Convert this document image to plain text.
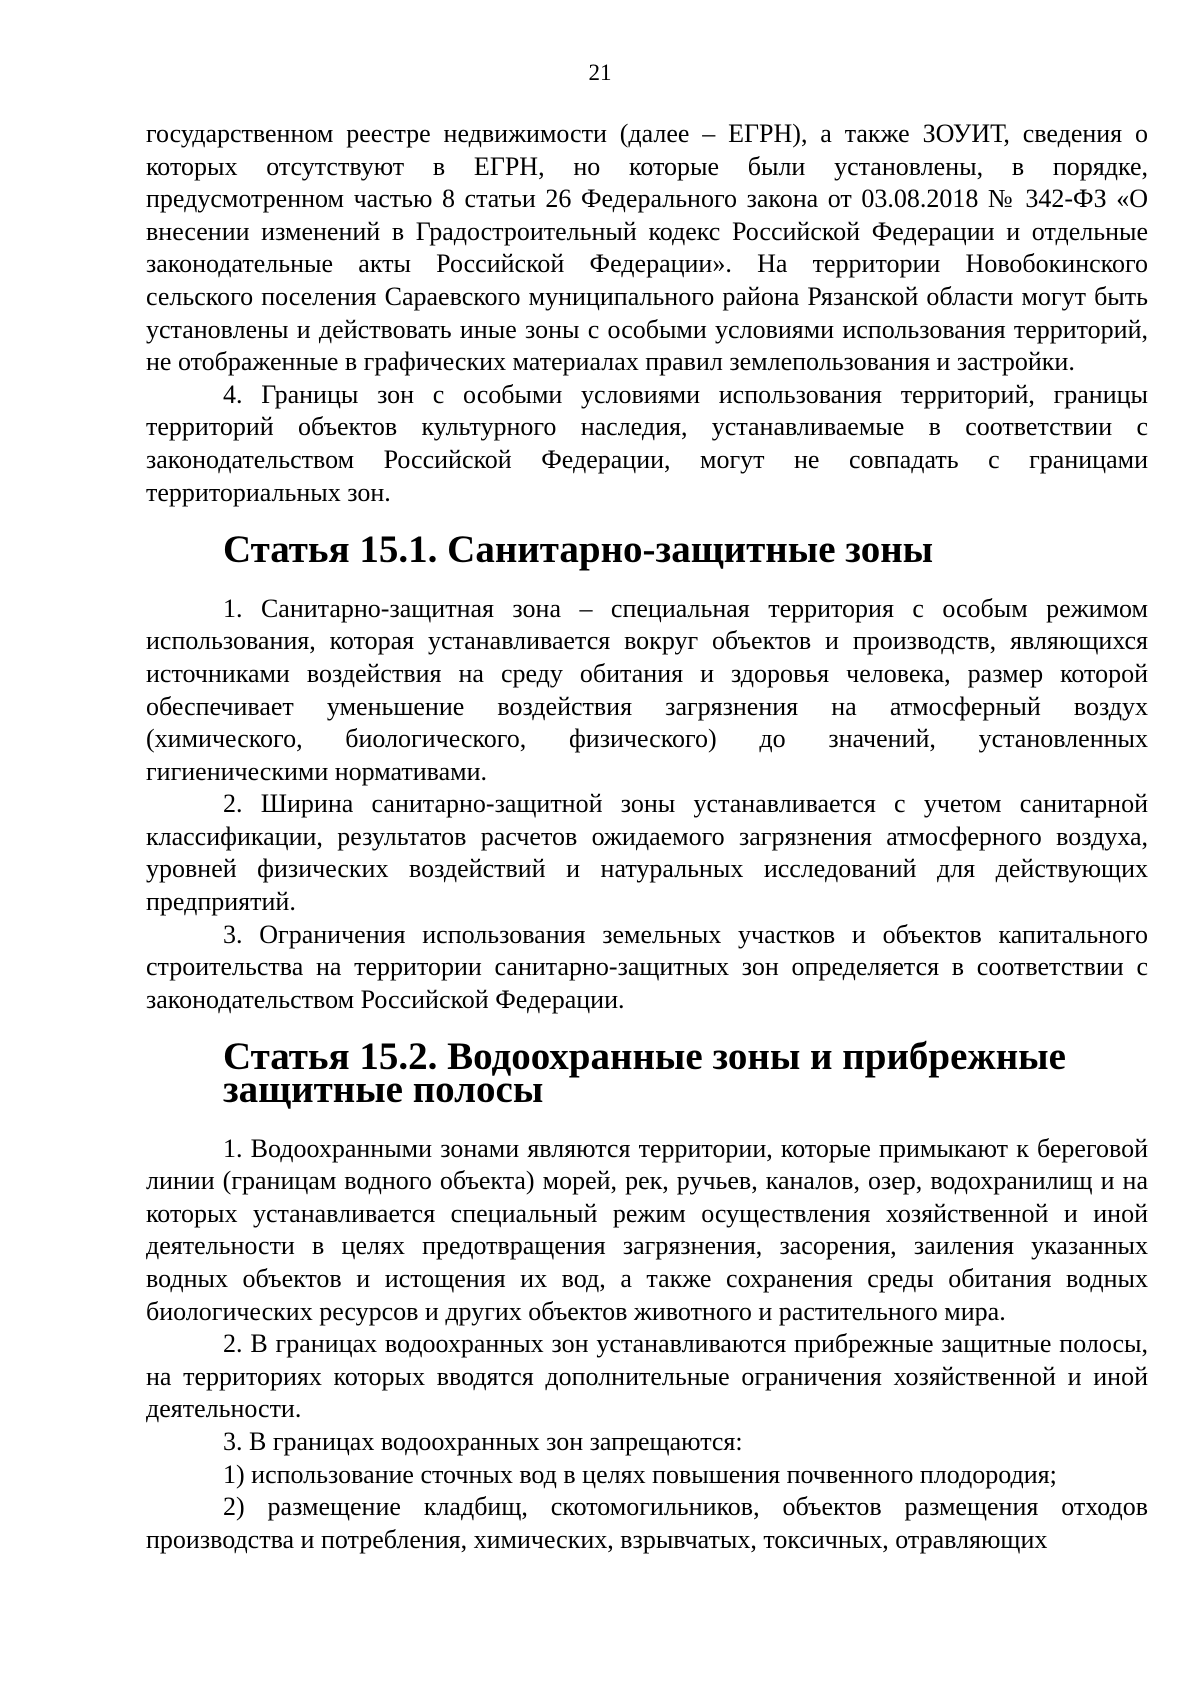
21

государственном реестре недвижимости (далее – ЕГРН), а также ЗОУИТ, сведения о которых отсутствуют в ЕГРН, но которые были установлены, в порядке, предусмотренном частью 8 статьи 26 Федерального закона от 03.08.2018 № 342-ФЗ «О внесении изменений в Градостроительный кодекс Российской Федерации и отдельные законодательные акты Российской Федерации». На территории Новобокинского сельского поселения Сараевского муниципального района Рязанской области могут быть установлены и действовать иные зоны с особыми условиями использования территорий, не отображенные в графических материалах правил землепользования и застройки.

4. Границы зон с особыми условиями использования территорий, границы территорий объектов культурного наследия, устанавливаемые в соответствии с законодательством Российской Федерации, могут не совпадать с границами территориальных зон.

Статья 15.1. Санитарно-защитные зоны

1. Санитарно-защитная зона – специальная территория с особым режимом использования, которая устанавливается вокруг объектов и производств, являющихся источниками воздействия на среду обитания и здоровья человека, размер которой обеспечивает уменьшение воздействия загрязнения на атмосферный воздух (химического, биологического, физического) до значений, установленных гигиеническими нормативами.

2. Ширина санитарно-защитной зоны устанавливается с учетом санитарной классификации, результатов расчетов ожидаемого загрязнения атмосферного воздуха, уровней физических воздействий и натуральных исследований для действующих предприятий.

3. Ограничения использования земельных участков и объектов капитального строительства на территории санитарно-защитных зон определяется в соответствии с законодательством Российской Федерации.

Статья 15.2. Водоохранные зоны и прибрежные защитные полосы

1. Водоохранными зонами являются территории, которые примыкают к береговой линии (границам водного объекта) морей, рек, ручьев, каналов, озер, водохранилищ и на которых устанавливается специальный режим осуществления хозяйственной и иной деятельности в целях предотвращения загрязнения, засорения, заиления указанных водных объектов и истощения их вод, а также сохранения среды обитания водных биологических ресурсов и других объектов животного и растительного мира.

2. В границах водоохранных зон устанавливаются прибрежные защитные полосы, на территориях которых вводятся дополнительные ограничения хозяйственной и иной деятельности.

3. В границах водоохранных зон запрещаются:

1) использование сточных вод в целях повышения почвенного плодородия;

2) размещение кладбищ, скотомогильников, объектов размещения отходов производства и потребления, химических, взрывчатых, токсичных, отравляющих
